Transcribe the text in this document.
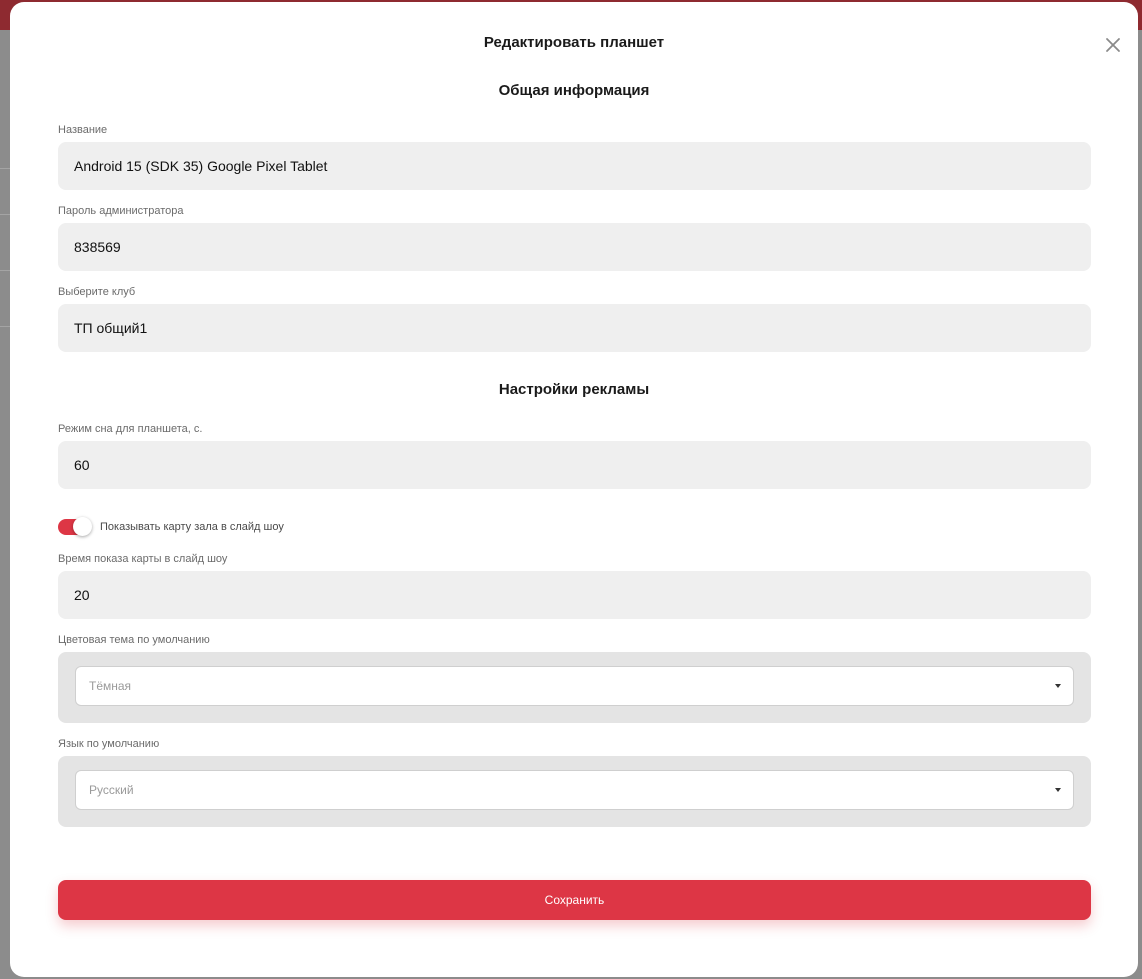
Редактировать планшет
Общая информация
Название
Android 15 (SDK 35) Google Pixel Tablet
Пароль администратора
838569
Выберите клуб
ТП общий1
Настройки рекламы
Режим сна для планшета, с.
60
Показывать карту зала в слайд шоу
Время показа карты в слайд шоу
20
Цветовая тема по умолчанию
Тёмная
Язык по умолчанию
Русский
Сохранить
